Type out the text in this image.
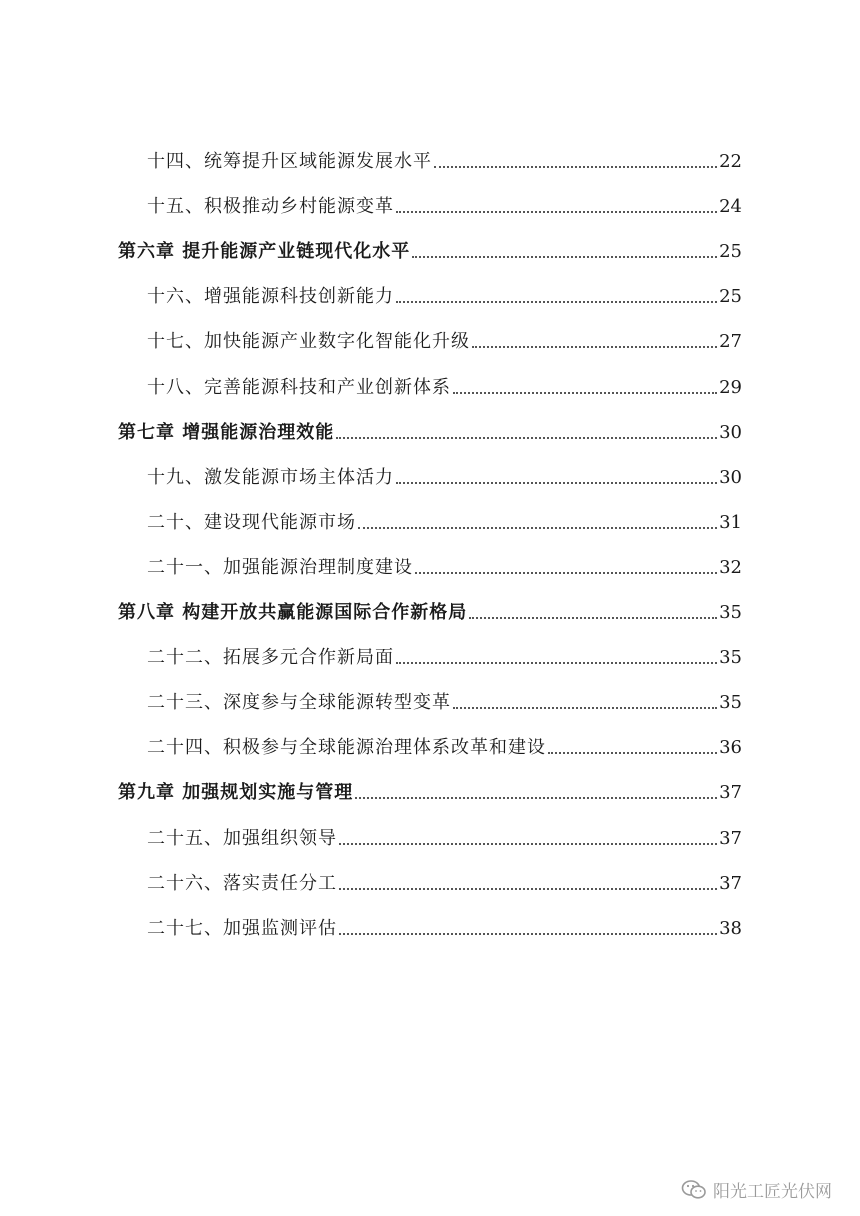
十四、统筹提升区域能源发展水平	22
十五、积极推动乡村能源变革	24
第六章 提升能源产业链现代化水平	25
十六、增强能源科技创新能力	25
十七、加快能源产业数字化智能化升级	27
十八、完善能源科技和产业创新体系	29
第七章 增强能源治理效能	30
十九、激发能源市场主体活力	30
二十、建设现代能源市场	31
二十一、加强能源治理制度建设	32
第八章 构建开放共赢能源国际合作新格局	35
二十二、拓展多元合作新局面	35
二十三、深度参与全球能源转型变革	35
二十四、积极参与全球能源治理体系改革和建设	36
第九章 加强规划实施与管理	37
二十五、加强组织领导	37
二十六、落实责任分工	37
二十七、加强监测评估	38
阳光工匠光伏网
